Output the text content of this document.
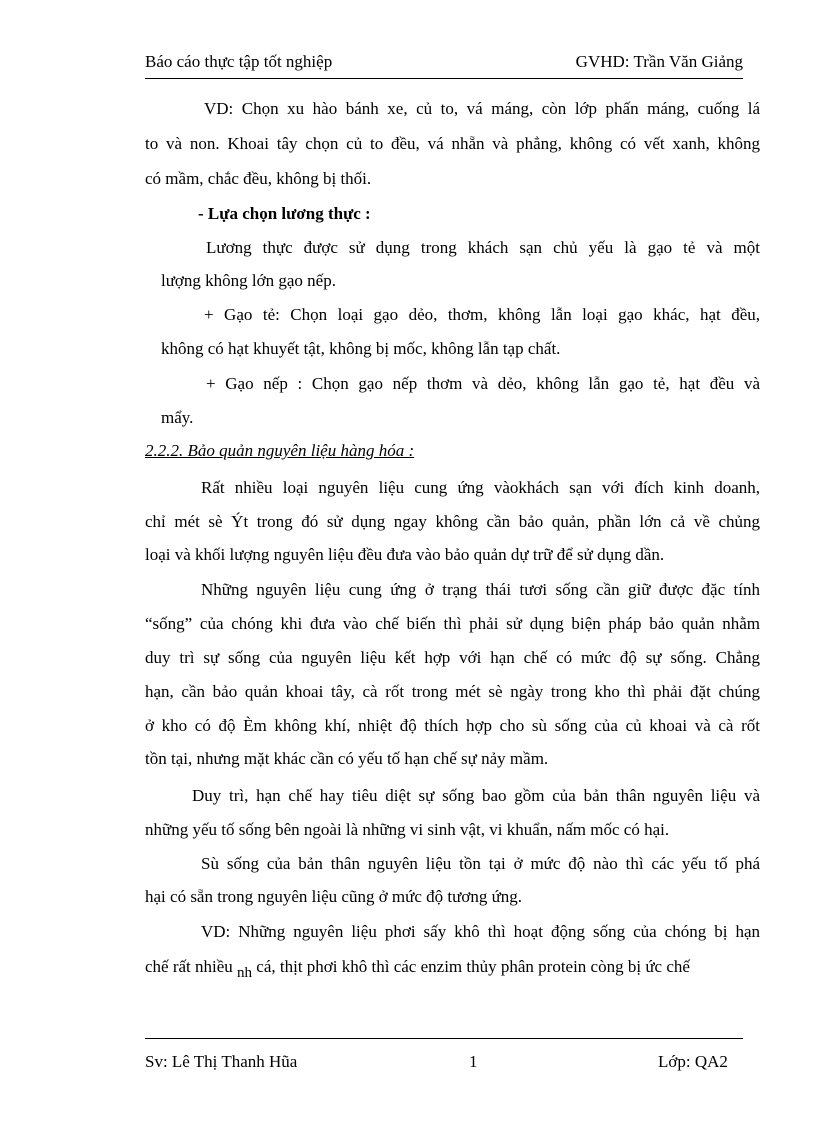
Báo cáo thực tập tốt nghiệp	GVHD: Trần Văn Giảng
VD: Chọn xu hào bánh xe, củ to, vá máng, còn lớp phấn máng, cuống lá
to và non. Khoai tây chọn củ to đều, vá nhẵn và phẳng, không có vết xanh, không
có mầm, chắc đều, không bị thối.
- Lựa chọn lương thực :
Lương thực được sử dụng trong khách sạn chủ yếu là gạo tẻ và một
lượng không lớn gạo nếp.
+ Gạo tẻ: Chọn loại gạo dẻo, thơm, không lẫn loại gạo khác, hạt đều,
không có hạt khuyết tật, không bị mốc, không lẫn tạp chất.
+ Gạo nếp : Chọn gạo nếp thơm và dẻo, không lẫn gạo tẻ, hạt đều và
mẩy.
2.2.2. Bảo quản nguyên liệu hàng hóa :
Rất nhiều loại nguyên liệu cung ứng vàokhách sạn với đích kinh doanh,
chỉ mét sè Ýt trong đó sử dụng ngay không cần bảo quản, phần lớn cả về chủng
loại và khối lượng nguyên liệu đều đưa vào bảo quản dự trữ để sử dụng dần.
Những nguyên liệu cung ứng ở trạng thái tươi sống cần giữ được đặc tính
“sống” của chóng khi đưa vào chế biến thì phải sử dụng biện pháp bảo quản nhằm
duy trì sự sống của nguyên liệu kết hợp với hạn chế có mức độ sự sống. Chẳng
hạn, cần bảo quản khoai tây, cà rốt trong mét sè ngày trong kho thì phải đặt chúng
ở kho có độ Èm không khí, nhiệt độ thích hợp cho sù sống của củ khoai và cà rốt
tồn tại, nhưng mặt khác cần có yếu tố hạn chế sự nảy mầm.
Duy trì, hạn chế hay tiêu diệt sự sống bao gồm của bản thân nguyên liệu và
những yếu tố sống bên ngoài là những vi sinh vật, vi khuẩn, nấm mốc có hại.
Sù sống của bản thân nguyên liệu tồn tại ở mức độ nào thì các yếu tố phá
hại có sẵn trong nguyên liệu cũng ở mức độ tương ứng.
VD: Những nguyên liệu phơi sấy khô thì hoạt động sống của chóng bị hạn
chế rất nhiều nh cá, thịt phơi khô thì các enzim thủy phân protein còng bị ức chế
Sv: Lê Thị Thanh Hũa	1	Lớp: QA2
